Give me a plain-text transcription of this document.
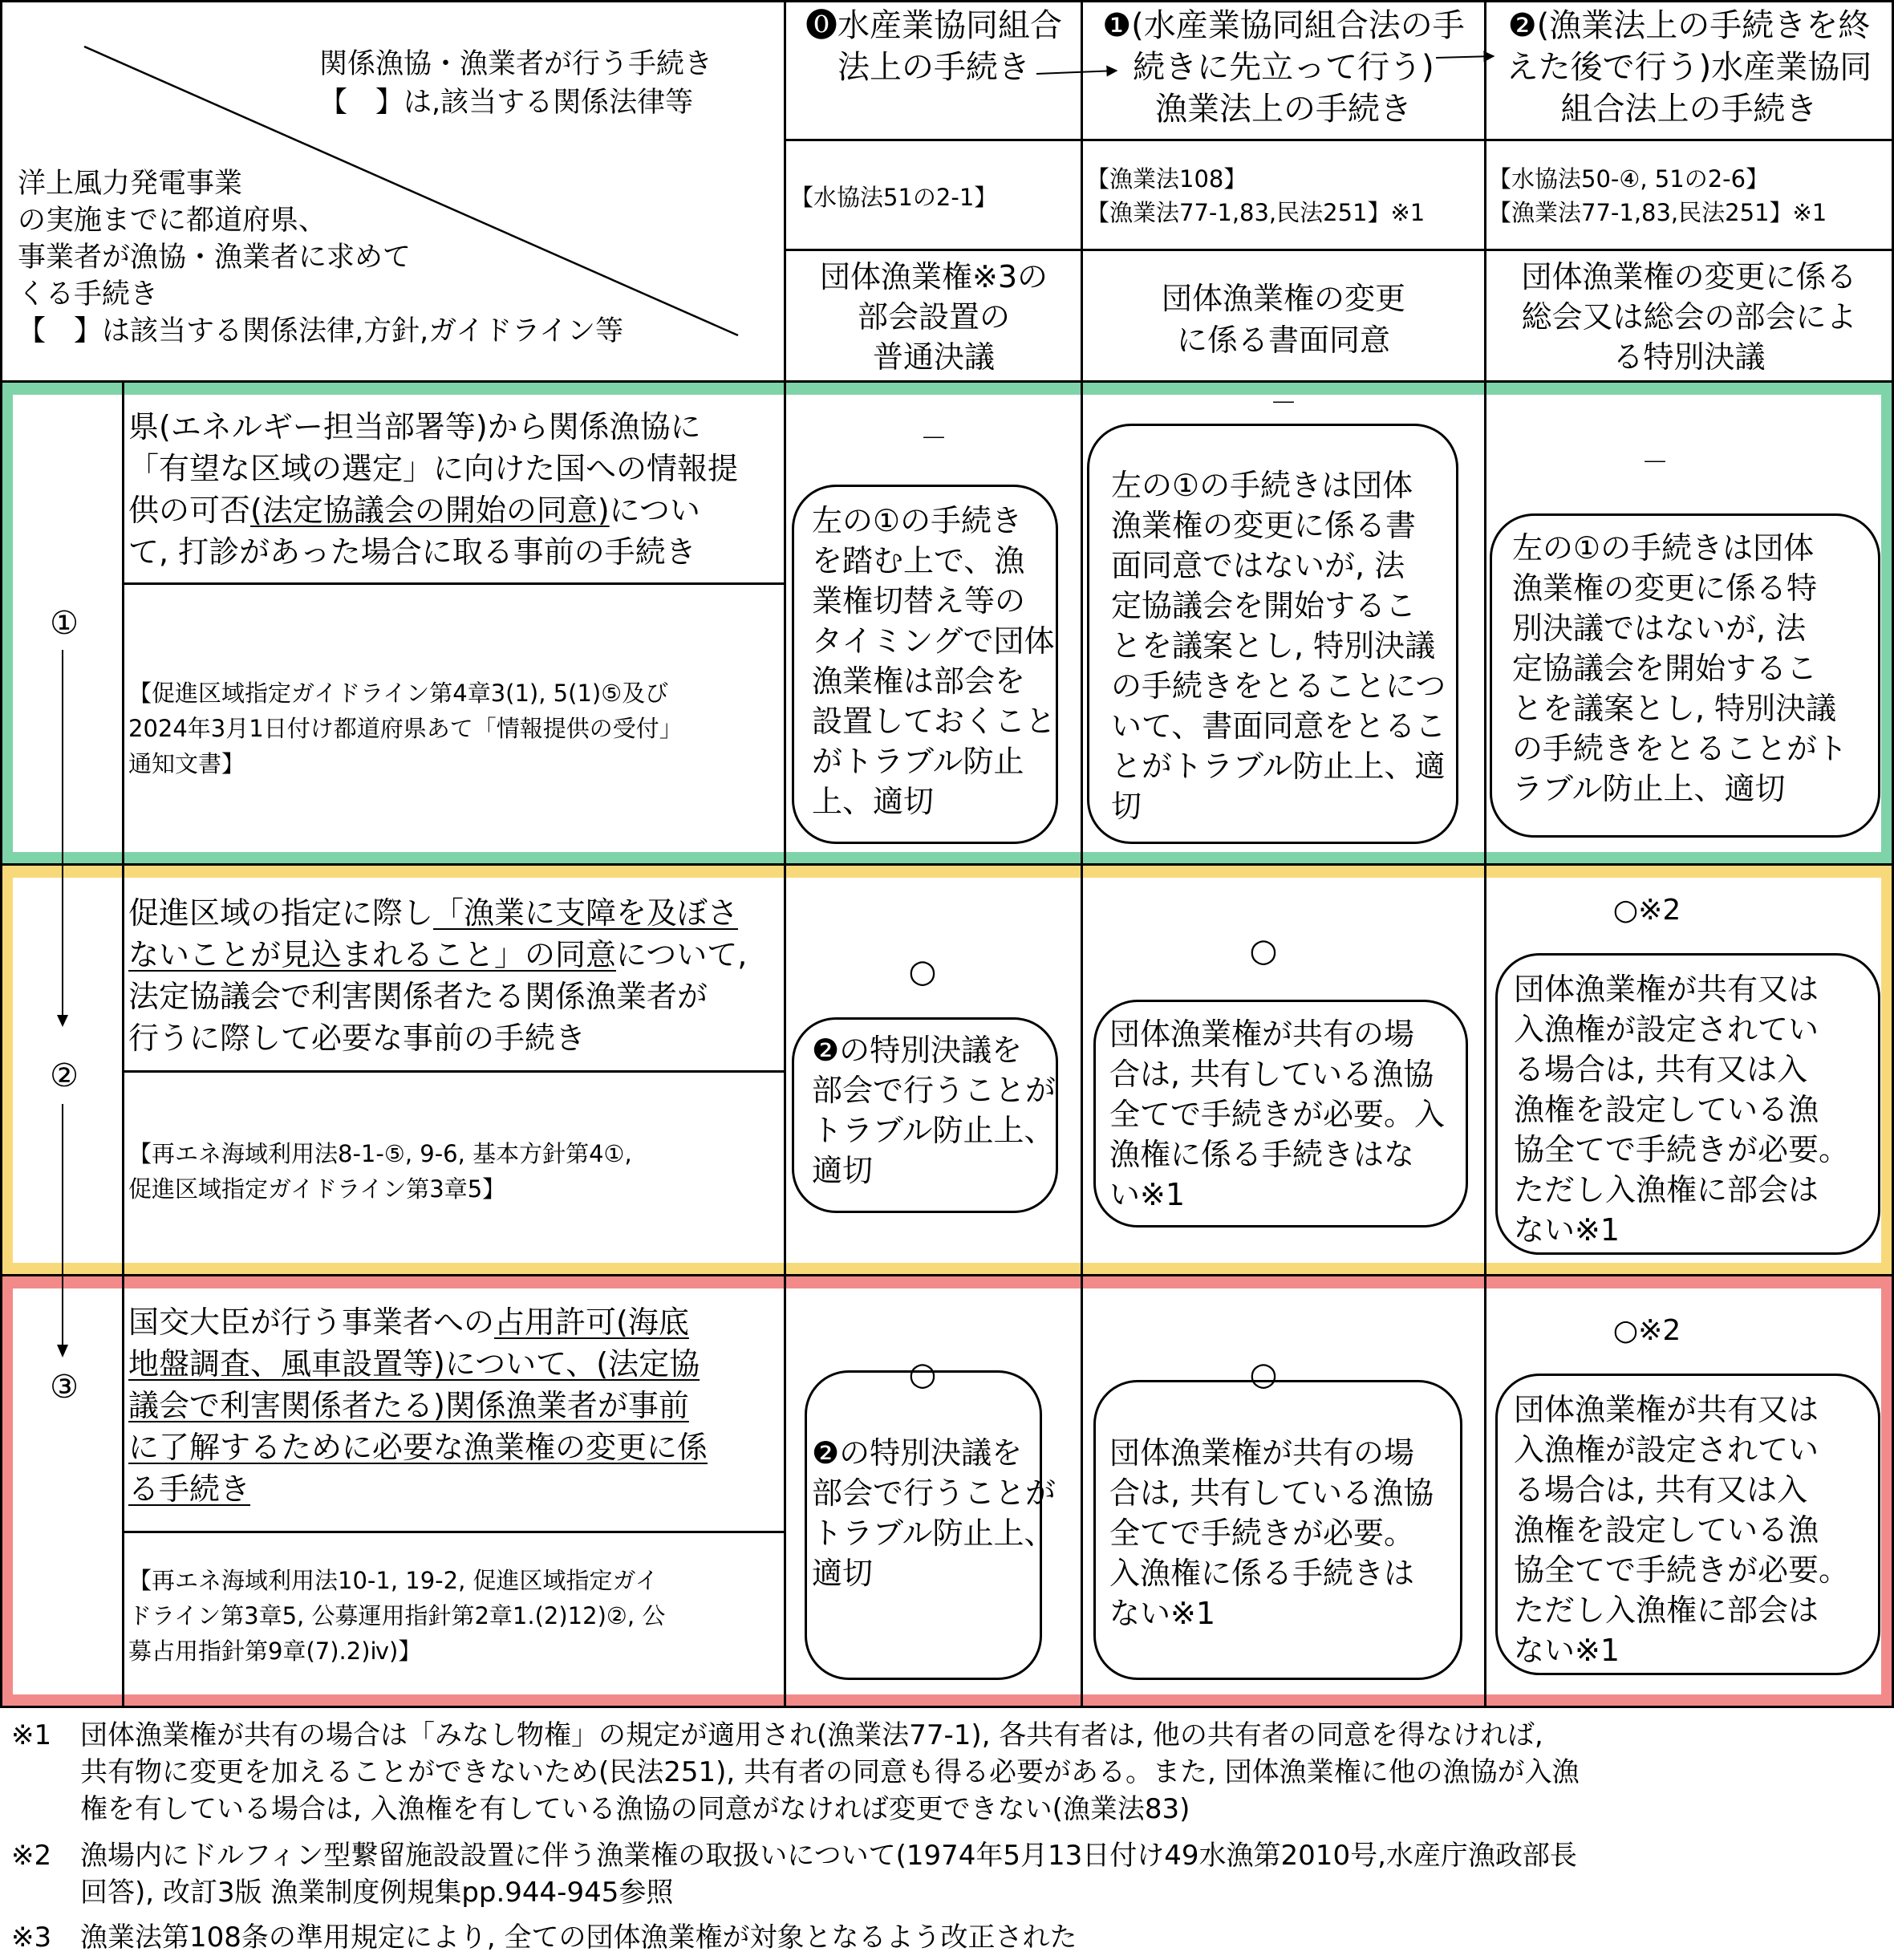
関係漁協・漁業者が行う手続き
【　】は,該当する関係法律等
洋上風力発電事業
の実施までに都道府県、
事業者が漁協・漁業者に求めて
くる手続き
【　】は該当する関係法律,方針,ガイドライン等
⓿水産業協同組合
法上の手続き
❶(水産業協同組合法の手
続きに先立って行う)
漁業法上の手続き
❷(漁業法上の手続きを終
えた後で行う)水産業協同
組合法上の手続き
【水協法51の2-1】
【漁業法108】
【漁業法77-1,83,民法251】※1
【水協法50-④, 51の2-6】
【漁業法77-1,83,民法251】※1
団体漁業権※3の
部会設置の
普通決議
団体漁業権の変更
に係る書面同意
団体漁業権の変更に係る
総会又は総会の部会によ
る特別決議
①
②
③
県(エネルギー担当部署等)から関係漁協に
「有望な区域の選定」に向けた国への情報提
供の可否(法定協議会の開始の同意)につい
て, 打診があった場合に取る事前の手続き
【促進区域指定ガイドライン第4章3(1), 5(1)⑤及び
2024年3月1日付け都道府県あて「情報提供の受付」
通知文書】
－
左の①の手続き
を踏む上で、漁
業権切替え等の
タイミングで団体
漁業権は部会を
設置しておくこと
がトラブル防止
上、適切
－
左の①の手続きは団体
漁業権の変更に係る書
面同意ではないが, 法
定協議会を開始するこ
とを議案とし, 特別決議
の手続きをとることにつ
いて、書面同意をとるこ
とがトラブル防止上、適
切
－
左の①の手続きは団体
漁業権の変更に係る特
別決議ではないが, 法
定協議会を開始するこ
とを議案とし, 特別決議
の手続きをとることがト
ラブル防止上、適切
促進区域の指定に際し「漁業に支障を及ぼさ
ないことが見込まれること」の同意について,
法定協議会で利害関係者たる関係漁業者が
行うに際して必要な事前の手続き
【再エネ海域利用法8-1-⑤, 9-6, 基本方針第4①,
促進区域指定ガイドライン第3章5】
○
❷の特別決議を
部会で行うことが
トラブル防止上、
適切
○
団体漁業権が共有の場
合は, 共有している漁協
全てで手続きが必要。入
漁権に係る手続きはな
い※1
○※2
団体漁業権が共有又は
入漁権が設定されてい
る場合は, 共有又は入
漁権を設定している漁
協全てで手続きが必要。
ただし入漁権に部会は
ない※1
国交大臣が行う事業者への占用許可(海底
地盤調査、風車設置等)について、(法定協
議会で利害関係者たる)関係漁業者が事前
に了解するために必要な漁業権の変更に係
る手続き
【再エネ海域利用法10-1, 19-2, 促進区域指定ガイ
ドライン第3章5, 公募運用指針第2章1.(2)12)②, 公
募占用指針第9章(7).2)ⅳ)】
○
❷の特別決議を
部会で行うことが
トラブル防止上、
適切
○
団体漁業権が共有の場
合は, 共有している漁協
全てで手続きが必要。
入漁権に係る手続きは
ない※1
○※2
団体漁業権が共有又は
入漁権が設定されてい
る場合は, 共有又は入
漁権を設定している漁
協全てで手続きが必要。
ただし入漁権に部会は
ない※1
※1 団体漁業権が共有の場合は「みなし物権」の規定が適用され(漁業法77-1), 各共有者は, 他の共有者の同意を得なければ,
共有物に変更を加えることができないため(民法251), 共有者の同意も得る必要がある。また, 団体漁業権に他の漁協が入漁
権を有している場合は, 入漁権を有している漁協の同意がなければ変更できない(漁業法83)
※2 漁場内にドルフィン型繋留施設設置に伴う漁業権の取扱いについて(1974年5月13日付け49水漁第2010号,水産庁漁政部長
回答), 改訂3版 漁業制度例規集pp.944-945参照
※3 漁業法第108条の準用規定により, 全ての団体漁業権が対象となるよう改正された
